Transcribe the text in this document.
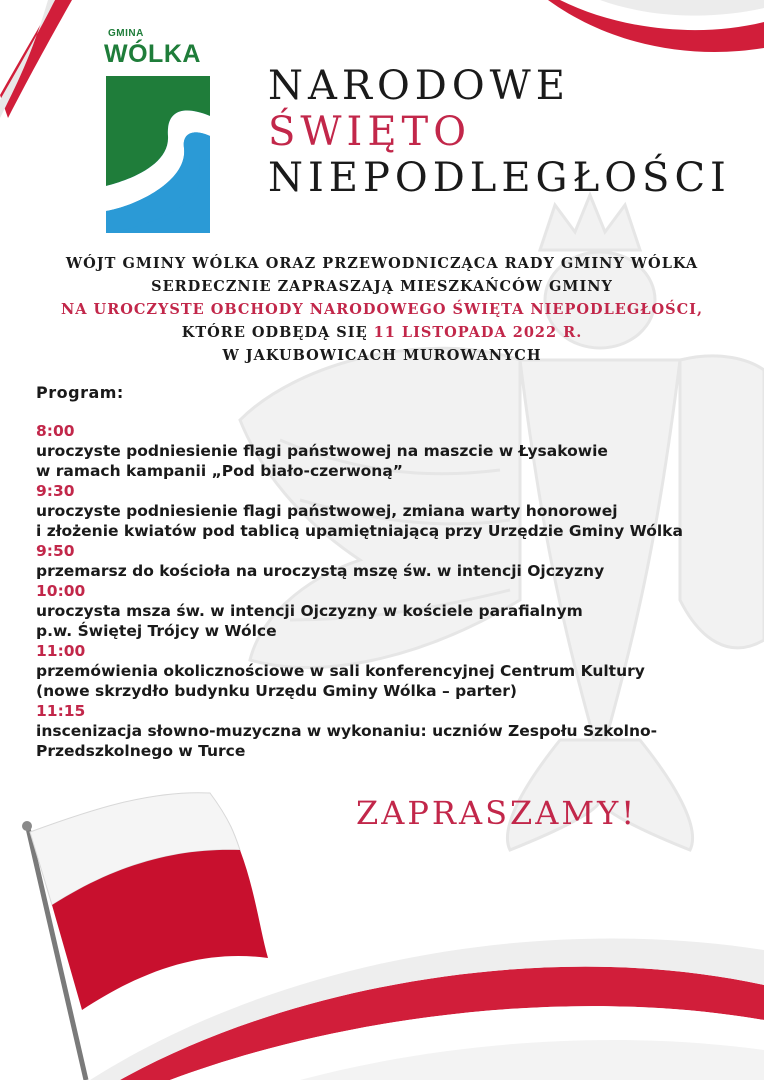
GMINA
WÓLKA
NARODOWE
ŚWIĘTO
NIEPODLEGŁOŚCI
WÓJT GMINY WÓLKA ORAZ PRZEWODNICZĄCA RADY GMINY WÓLKA
SERDECZNIE ZAPRASZAJĄ MIESZKAŃCÓW GMINY
NA UROCZYSTE OBCHODY NARODOWEGO ŚWIĘTA NIEPODLEGŁOŚCI,
KTÓRE ODBĘDĄ SIĘ 11 LISTOPADA 2022 R.
W JAKUBOWICACH MUROWANYCH
Program:
8:00
uroczyste podniesienie flagi państwowej na maszcie w Łysakowie
w ramach kampanii „Pod biało-czerwoną”
9:30
uroczyste podniesienie flagi państwowej, zmiana warty honorowej
i złożenie kwiatów pod tablicą upamiętniającą przy Urzędzie Gminy Wólka
9:50
przemarsz do kościoła na uroczystą mszę św. w intencji Ojczyzny
10:00
uroczysta msza św. w intencji Ojczyzny w kościele parafialnym
p.w. Świętej Trójcy w Wólce
11:00
przemówienia okolicznościowe w sali konferencyjnej Centrum Kultury
(nowe skrzydło budynku Urzędu Gminy Wólka – parter)
11:15
inscenizacja słowno-muzyczna w wykonaniu: uczniów Zespołu Szkolno-
Przedszkolnego w Turce
ZAPRASZAMY!
